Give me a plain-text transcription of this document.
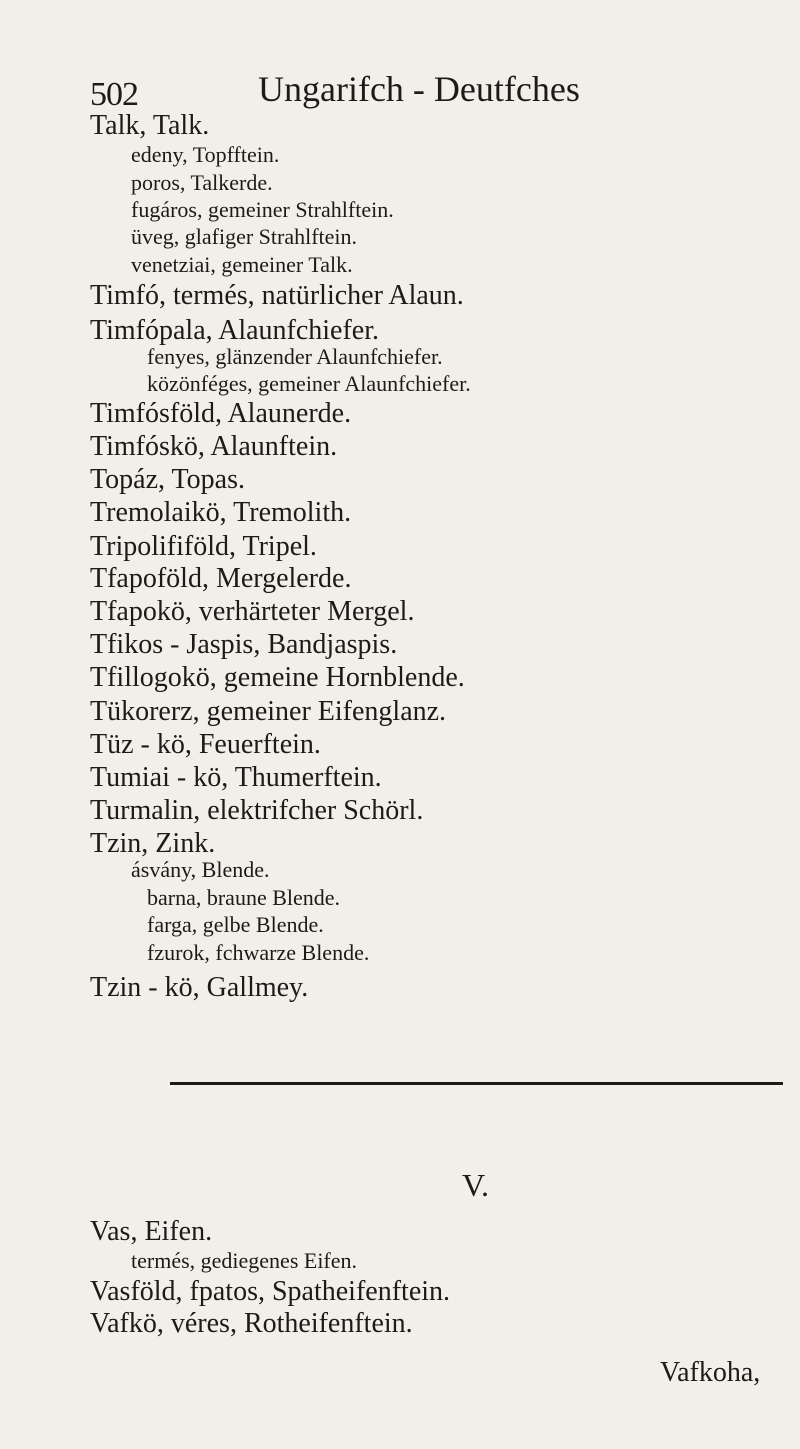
502	Ungarifch - Deutfches
Talk, Talk.
edeny, Topfftein.
poros, Talkerde.
fugáros, gemeiner Strahlftein.
üveg, glafiger Strahlftein.
venetziai, gemeiner Talk.
Timfó, termés, natürlicher Alaun.
Timfópala, Alaunfchiefer.
fenyes, glänzender Alaunfchiefer.
közönféges, gemeiner Alaunfchiefer.
Timfósföld, Alaunerde.
Timfóskö, Alaunftein.
Topáz, Topas.
Tremolaikö, Tremolith.
Tripolififöld, Tripel.
Tfapoföld, Mergelerde.
Tfapokö, verhärteter Mergel.
Tfikos - Jaspis, Bandjaspis.
Tfillogokö, gemeine Hornblende.
Tükorerz, gemeiner Eifenglanz.
Tüz - kö, Feuerftein.
Tumiai - kö, Thumerftein.
Turmalin, elektrifcher Schörl.
Tzin, Zink.
ásvány, Blende.
barna, braune Blende.
farga, gelbe Blende.
fzurok, fchwarze Blende.
Tzin - kö, Gallmey.
V.
Vas, Eifen.
termés, gediegenes Eifen.
Vasföld, fpatos, Spatheifenftein.
Vafkö, véres, Rotheifenftein.
Vafkoha,
